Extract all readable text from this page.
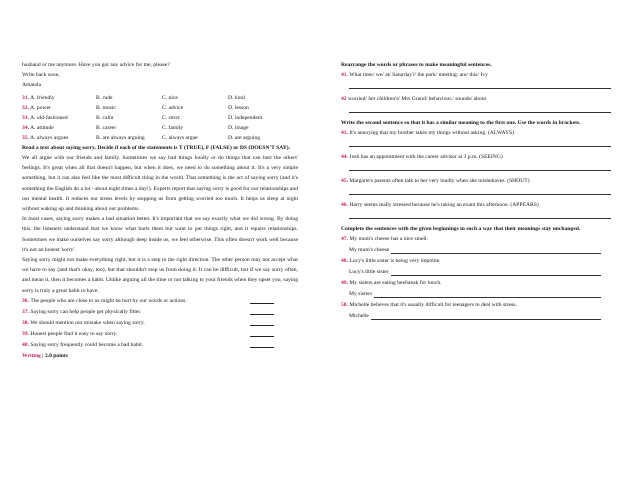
husband or me anymore. Have you got any advice for me, please?
Write back soon,
Amanda
31. A. friendly	B. rude	C. nice	D. kind
32. A. power	B. music	C. advice	D. lesson
33. A. old-fashioned	B. calm	C. strict	D. independent
34. A. attitude	B. career	C. family	D. image
35. A. always argues	B. are always arguing	C. always argue	D. are arguing
Read a text about saying sorry. Decide if each of the statements is T (TRUE), F (FALSE) or DS (DOESN'T SAY).
We all argue with our friends and family. Sometimes we say bad things loudly or do things that can hurt the others' feelings. It's great when all that doesn't happen, but when it does, we need to do something about it. It's a very simple something, but it can also feel like the most difficult thing in the world. That something is the act of saying sorry (and it's something the English do a lot - about eight times a day!). Experts report that saying sorry is good for our relationships and our mental health. It reduces our stress levels by stopping us from getting worried too much. It helps us sleep at night without waking up and thinking about our problems.
In most cases, saying sorry makes a bad situation better. It's important that we say exactly what we did wrong. By doing this, the listeners understand that we know what hurts them but want to put things right, and it repairs relationships. Sometimes we make ourselves say sorry although deep inside us, we feel otherwise. This often doesn't work well because it's not an honest 'sorry'.
Saying sorry might not make everything right, but it is a step in the right direction. The other person may not accept what we have to say (and that's okay, too), but that shouldn't stop us from doing it. It can be difficult, but if we say sorry often, and mean it, then it becomes a habit. Unlike arguing all the time or not talking to your friends when they upset you, saying sorry is truly a great habit to have.
36. The people who are close to us might be hurt by our words or actions.
37. Saying sorry can help people get physically fitter.
38. We should mention our mistake when saying sorry.
39. Honest people find it easy to say sorry.
40. Saying sorry frequently could become a bad habit.
Writing | 2.0 points
Rearrange the words or phrases to make meaningful sentences.
41. What time/ we/ at/ Saturday?/ the park/ meeting/ are/ this/ Ivy
42 worried/ her children's/ Mrs Grand/ behaviour,/ sounds/ about
Write the second sentence so that it has a similar meaning to the first one. Use the words in brackets.
43. It's annoying that my brother takes my things without asking. (ALWAYS)
44. Josh has an appointment with the career advisor at 3 p.m. (SEEING)
45. Margaret's parents often talk to her very loudly when she misbehaves. (SHOUT)
46. Harry seems really stressed because he's taking an exam this afternoon. (APPEARS)
Complete the sentences with the given beginnings in such a way that their meanings stay unchanged.
47. My mum's cheese has a nice smell.
My mum's cheese
48. Lucy's little sister is being very impolite.
Lucy's little sister
49. My sisters are eating beefsteak for lunch.
My sisters
50. Michelle believes that it's usually difficult for teenagers to deal with stress.
Michelle
